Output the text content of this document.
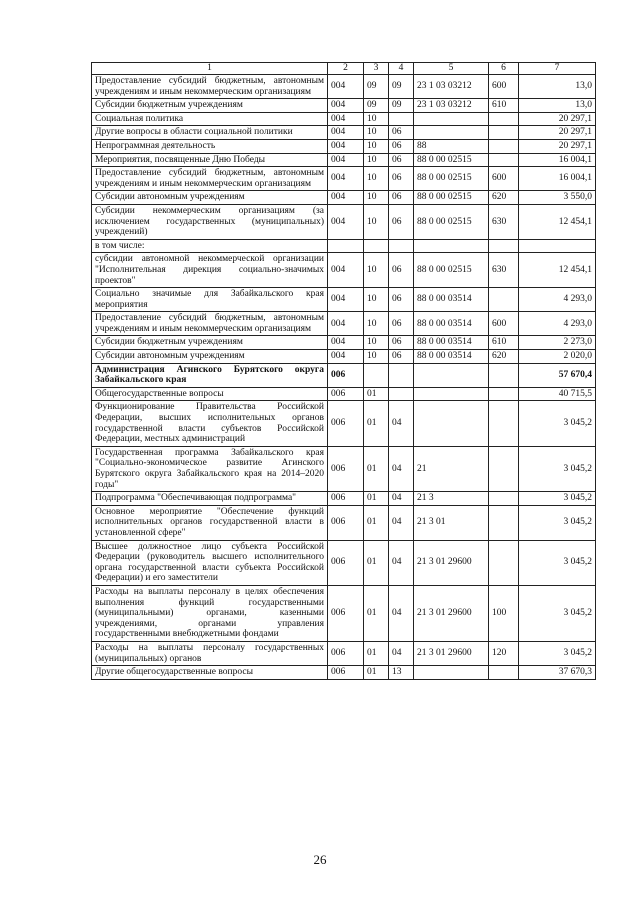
1	2	3	4	5	6	7
Предоставление субсидий бюджетным, автономным учреждениям и иным некоммерческим организациям	004	09	09	23 1 03 03212	600	13,0
Субсидии бюджетным учреждениям	004	09	09	23 1 03 03212	610	13,0
Социальная политика	004	10				20 297,1
Другие вопросы в области социальной политики	004	10	06			20 297,1
Непрограммная деятельность	004	10	06	88		20 297,1
Мероприятия, посвященные Дню Победы	004	10	06	88 0 00 02515		16 004,1
Предоставление субсидий бюджетным, автономным учреждениям и иным некоммерческим организациям	004	10	06	88 0 00 02515	600	16 004,1
Субсидии автономным учреждениям	004	10	06	88 0 00 02515	620	3 550,0
Субсидии некоммерческим организациям (за исключением государственных (муниципальных) учреждений)	004	10	06	88 0 00 02515	630	12 454,1
в том числе:						
субсидии автономной некоммерческой организации "Исполнительная дирекция социально-значимых проектов"	004	10	06	88 0 00 02515	630	12 454,1
Социально значимые для Забайкальского края мероприятия	004	10	06	88 0 00 03514		4 293,0
Предоставление субсидий бюджетным, автономным учреждениям и иным некоммерческим организациям	004	10	06	88 0 00 03514	600	4 293,0
Субсидии бюджетным учреждениям	004	10	06	88 0 00 03514	610	2 273,0
Субсидии автономным учреждениям	004	10	06	88 0 00 03514	620	2 020,0
Администрация Агинского Бурятского округа Забайкальского края	006					57 670,4
Общегосударственные вопросы	006	01				40 715,5
Функционирование Правительства Российской Федерации, высших исполнительных органов государственной власти субъектов Российской Федерации, местных администраций	006	01	04			3 045,2
Государственная программа Забайкальского края "Социально-экономическое развитие Агинского Бурятского округа Забайкальского края на 2014–2020 годы"	006	01	04	21		3 045,2
Подпрограмма "Обеспечивающая подпрограмма"	006	01	04	21 3		3 045,2
Основное мероприятие "Обеспечение функций исполнительных органов государственной власти в установленной сфере"	006	01	04	21 3 01		3 045,2
Высшее должностное лицо субъекта Российской Федерации (руководитель высшего исполнительного органа государственной власти субъекта Российской Федерации) и его заместители	006	01	04	21 3 01 29600		3 045,2
Расходы на выплаты персоналу в целях обеспечения выполнения функций государственными (муниципальными) органами, казенными учреждениями, органами управления государственными внебюджетными фондами	006	01	04	21 3 01 29600	100	3 045,2
Расходы на выплаты персоналу государственных (муниципальных) органов	006	01	04	21 3 01 29600	120	3 045,2
Другие общегосударственные вопросы	006	01	13			37 670,3
26
